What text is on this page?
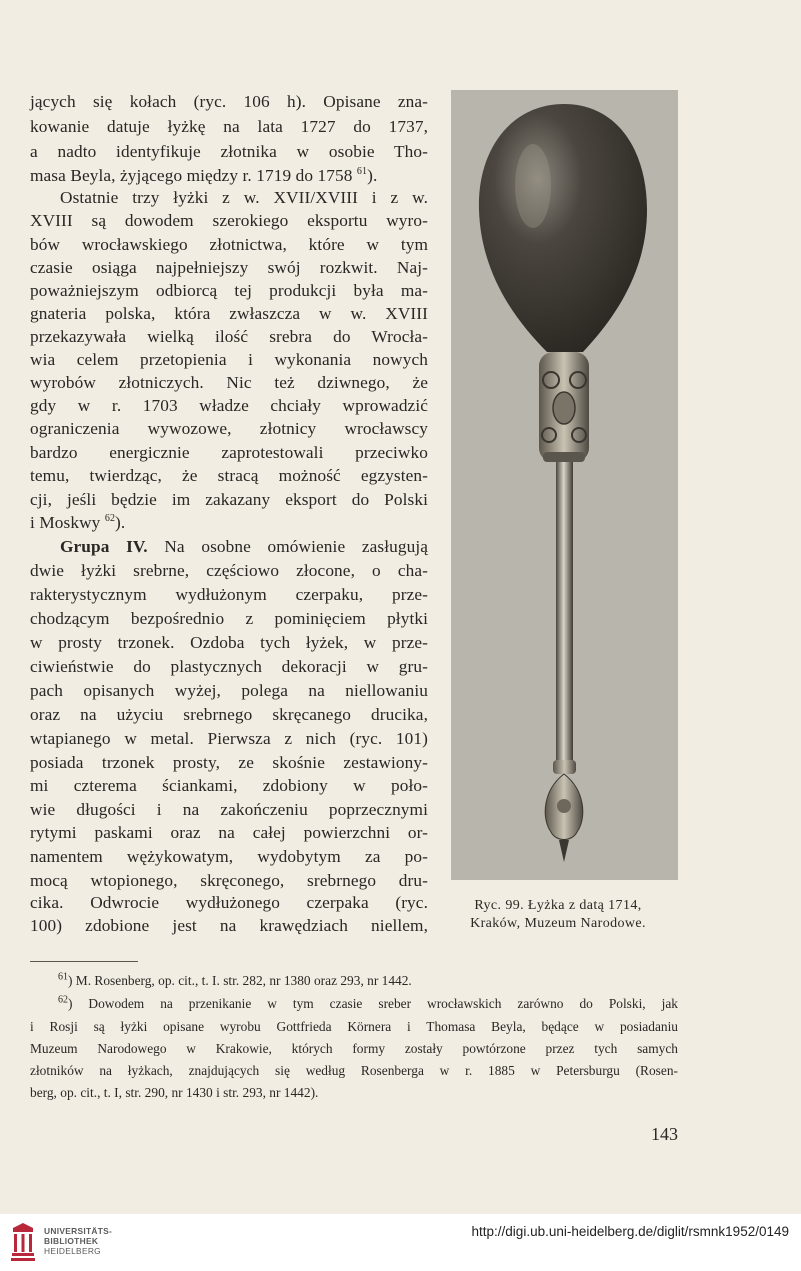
jących się kołach (ryc. 106 h). Opisane zna-
kowanie datuje łyżkę na lata 1727 do 1737,
a nadto identyfikuje złotnika w osobie Tho-
masa Beyla, żyjącego między r. 1719 do 1758 $^{61}$).
Ostatnie trzy łyżki z w. XVII/XVIII i z w.
XVIII są dowodem szerokiego eksportu wyro-
bów wrocławskiego złotnictwa, które w tym
czasie osiąga najpełniejszy swój rozkwit. Naj-
poważniejszym odbiorcą tej produkcji była ma-
gnateria polska, która zwłaszcza w w. XVIII
przekazywała wielką ilość srebra do Wrocła-
wia celem przetopienia i wykonania nowych
wyrobów złotniczych. Nic też dziwnego, że
gdy w r. 1703 władze chciały wprowadzić
ograniczenia wywozowe, złotnicy wrocławscy
bardzo energicznie zaprotestowali przeciwko
temu, twierdząc, że stracą możność egzysten-
cji, jeśli będzie im zakazany eksport do Polski
i Moskwy $^{62}$).
Grupa IV. Na osobne omówienie zasługują
dwie łyżki srebrne, częściowo złocone, o cha-
rakterystycznym wydłużonym czerpaku, prze-
chodzącym bezpośrednio z pominięciem płytki
w prosty trzonek. Ozdoba tych łyżek, w prze-
ciwieństwie do plastycznych dekoracji w gru-
pach opisanych wyżej, polega na niellowaniu
oraz na użyciu srebrnego skręcanego drucika,
wtapianego w metal. Pierwsza z nich (ryc. 101)
posiada trzonek prosty, ze skośnie zestawiony-
mi czterema ściankami, zdobiony w poło-
wie długości i na zakończeniu poprzecznymi
rytymi paskami oraz na całej powierzchni or-
namentem wężykowatym, wydobytym za po-
mocą wtopionego, skręconego, srebrnego dru-
cika. Odwrocie wydłużonego czerpaka (ryc.
100) zdobione jest na krawędziach niellem,
Ryc. 99. Łyżka z datą 1714,
Kraków, Muzeum Narodowe.
$^{61}$) M. Rosenberg, op. cit., t. I. str. 282, nr 1380 oraz 293, nr 1442.
$^{62}$) Dowodem na przenikanie w tym czasie sreber wrocławskich zarówno do Polski, jak
i Rosji są łyżki opisane wyrobu Gottfrieda Körnera i Thomasa Beyla, będące w posiadaniu
Muzeum Narodowego w Krakowie, których formy zostały powtórzone przez tych samych
złotników na łyżkach, znajdujących się według Rosenberga w r. 1885 w Petersburgu (Rosen-
berg, op. cit., t. I, str. 290, nr 1430 i str. 293, nr 1442).
143
UNIVERSITÄTS-
BIBLIOTHEK
HEIDELBERG
http://digi.ub.uni-heidelberg.de/diglit/rsmnk1952/0149
